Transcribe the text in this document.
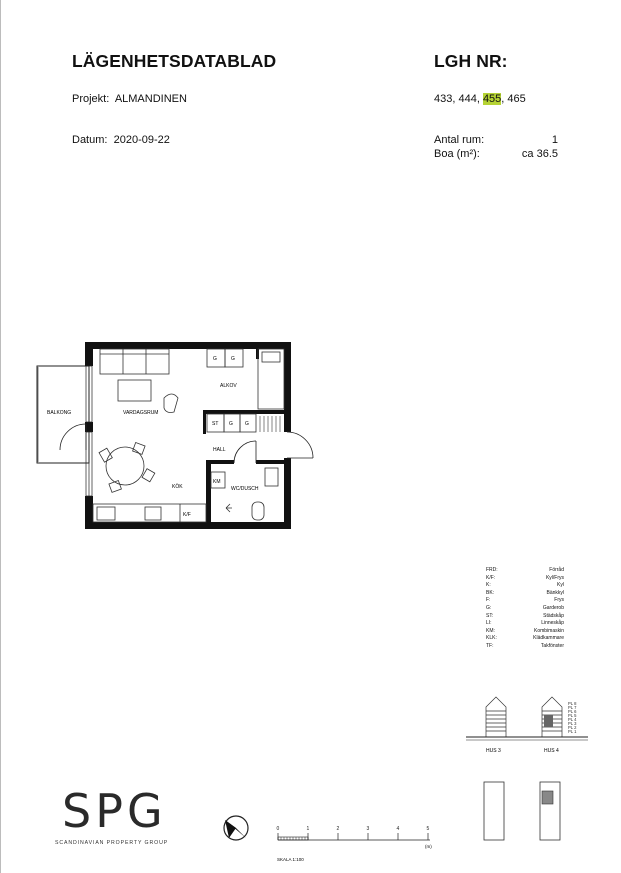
LÄGENHETSDATABLAD
Projekt: ALMANDINEN
Datum: 2020-09-22
LGH NR:
433, 444, 455, 465
Antal rum:	1
Boa (m²):	ca 36.5
BALKONG	VARDAGSRUM
ALKOV
HALL
KÖK	WC/DUSCH
KM
K/F
ST G G
G	G
FRD:	Förråd
K/F:	Kyl/Frys
K:	Kyl
BK:	Bänkkyl
F:	Frys
G:	Garderob
ST:	Städskåp
LI:	Linneskåp
KM:	Kombimaskin
KLK:	Klädkammare
TF:	Takfönster
PL 8
PL 7
PL 6
PL 5
PL 4
PL 3
PL 2
PL 1
HUS 3	HUS 4
SPG
SCANDINAVIAN PROPERTY GROUP
0	1	2	3	4	5
(m)
SKALA 1:100
